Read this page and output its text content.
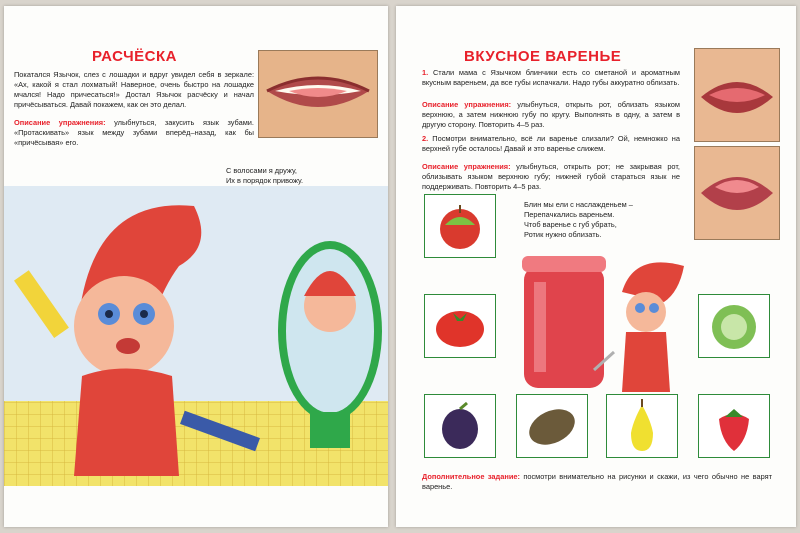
РАСЧЁСКА

Покатался Язычок, слез с лошадки и вдруг увидел себя в зеркале: «Ах, какой я стал лохматый! Наверное, очень быстро на лошадке мчался! Надо причесаться!» Достал Язычок расчёску и начал причёсываться. Давай покажем, как он это делал.

Описание упражнения: улыбнуться, закусить язык зубами. «Протаскивать» язык между зубами вперёд–назад, как бы «причёсывая» его.

С волосами я дружу,
Их в порядок привожу.
ВКУСНОЕ ВАРЕНЬЕ

1. Стали мама с Язычком блинчики есть со сметаной и ароматным вкусным вареньем, да все губы испачкали. Надо губы аккуратно облизать.

Описание упражнения: улыбнуться, открыть рот, облизать языком верхнюю, а затем нижнюю губу по кругу. Выполнять в одну, а затем в другую сторону. Повторить 4–5 раз.

2. Посмотри внимательно, всё ли варенье слизали? Ой, немножко на верхней губе осталось! Давай и это варенье слижем.

Описание упражнения: улыбнуться, открыть рот; не закрывая рот, облизывать языком верхнюю губу; нижней губой стараться язык не поддерживать. Повторить 4–5 раз.

Блин мы ели с наслажденьем –
Перепачкались вареньем.
Чтоб варенье с губ убрать,
Ротик нужно облизать.

Дополнительное задание: посмотри внимательно на рисунки и скажи, из чего обычно не варят варенье.
